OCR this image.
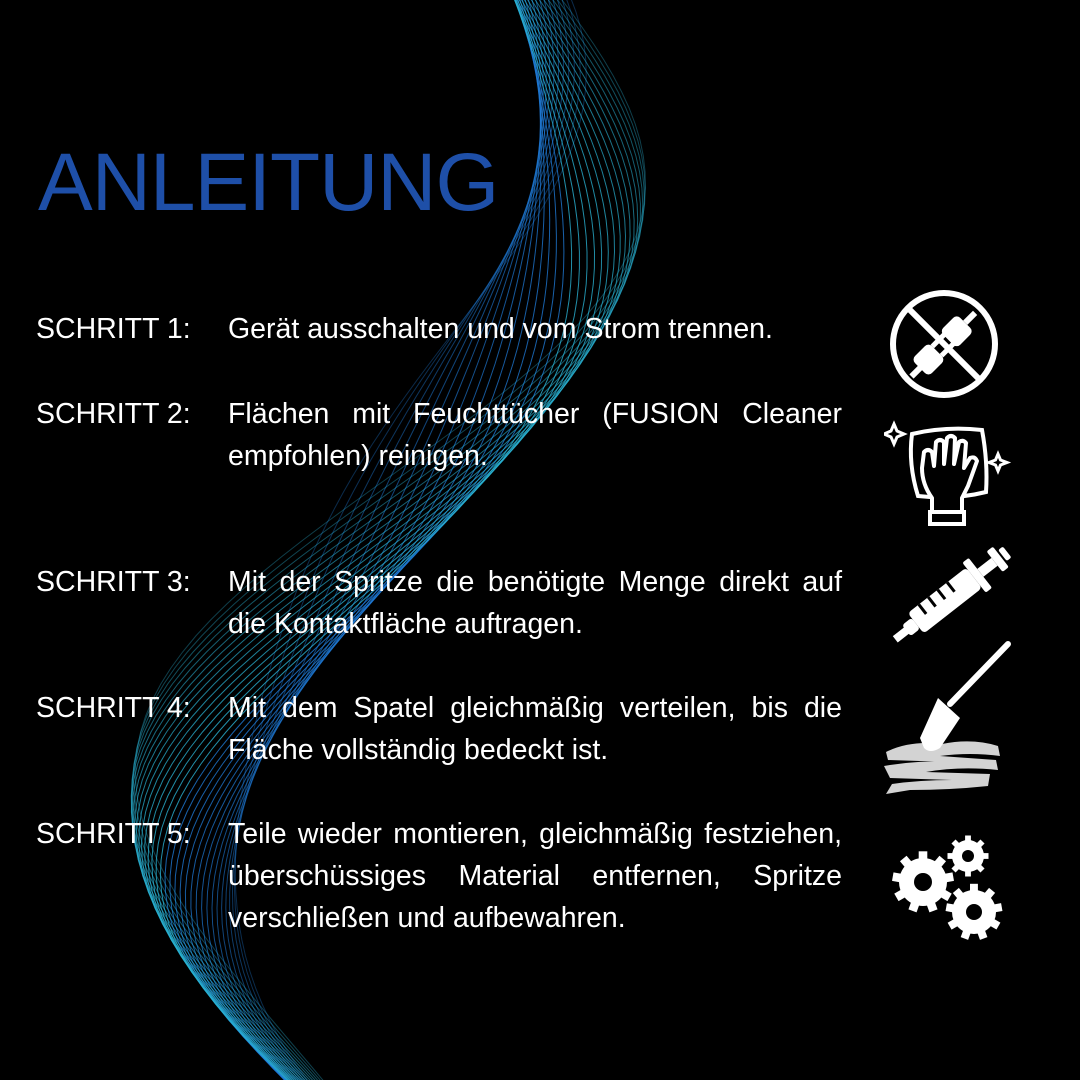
ANLEITUNG
SCHRITT 1:	Gerät ausschalten und vom Strom trennen.
SCHRITT 2:	Flächen mit Feuchttücher (FUSION Cleaner empfohlen) reinigen.
SCHRITT 3:	Mit der Spritze die benötigte Menge direkt auf die Kontaktfläche auftragen.
SCHRITT 4:	Mit dem Spatel gleichmäßig verteilen, bis die Fläche vollständig bedeckt ist.
SCHRITT 5:	Teile wieder montieren, gleichmäßig festziehen, überschüssiges Material entfernen, Spritze verschließen und aufbewahren.
